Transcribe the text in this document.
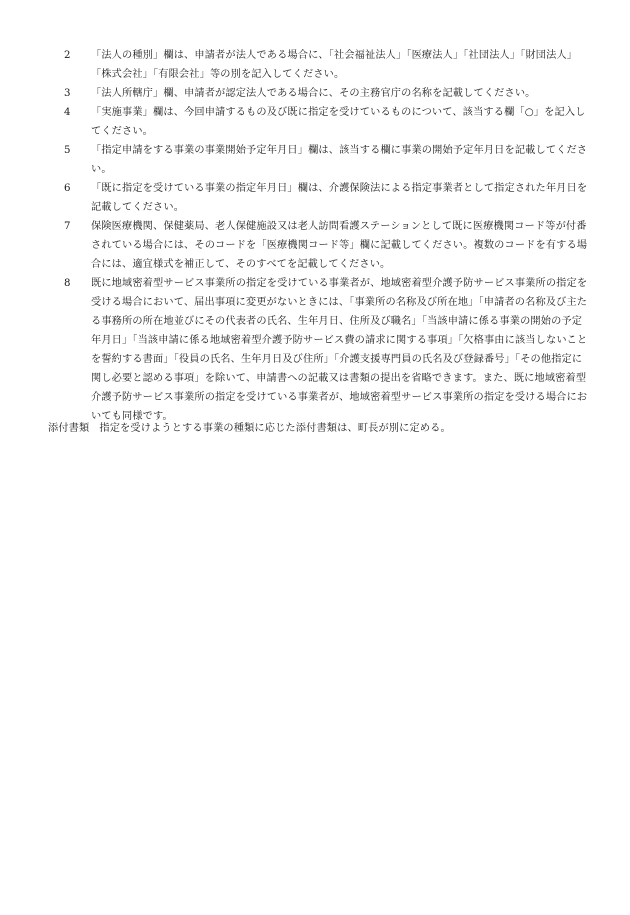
2	「法人の種別」欄は、申請者が法人である場合に、「社会福祉法人」「医療法人」「社団法人」「財団法人」「株式会社」「有限会社」等の別を記入してください。
3	「法人所轄庁」欄、申請者が認定法人である場合に、その主務官庁の名称を記載してください。
4	「実施事業」欄は、今回申請するもの及び既に指定を受けているものについて、該当する欄「○」を記入してください。
5	「指定申請をする事業の事業開始予定年月日」欄は、該当する欄に事業の開始予定年月日を記載してください。
6	「既に指定を受けている事業の指定年月日」欄は、介護保険法による指定事業者として指定された年月日を記載してください。
7	保険医療機関、保健薬局、老人保健施設又は老人訪問看護ステーションとして既に医療機関コード等が付番されている場合には、そのコードを「医療機関コード等」欄に記載してください。複数のコードを有する場合には、適宜様式を補正して、そのすべてを記載してください。
8	既に地域密着型サービス事業所の指定を受けている事業者が、地域密着型介護予防サービス事業所の指定を受ける場合において、届出事項に変更がないときには、「事業所の名称及び所在地」「申請者の名称及び主たる事務所の所在地並びにその代表者の氏名、生年月日、住所及び職名」「当該申請に係る事業の開始の予定年月日」「当該申請に係る地域密着型介護予防サービス費の請求に関する事項」「欠格事由に該当しないことを誓約する書面」「役員の氏名、生年月日及び住所」「介護支援専門員の氏名及び登録番号」「その他指定に関し必要と認める事項」を除いて、申請書への記載又は書類の提出を省略できます。また、既に地域密着型介護予防サービス事業所の指定を受けている事業者が、地域密着型サービス事業所の指定を受ける場合においても同様です。

添付書類 指定を受けようとする事業の種類に応じた添付書類は、町長が別に定める。
